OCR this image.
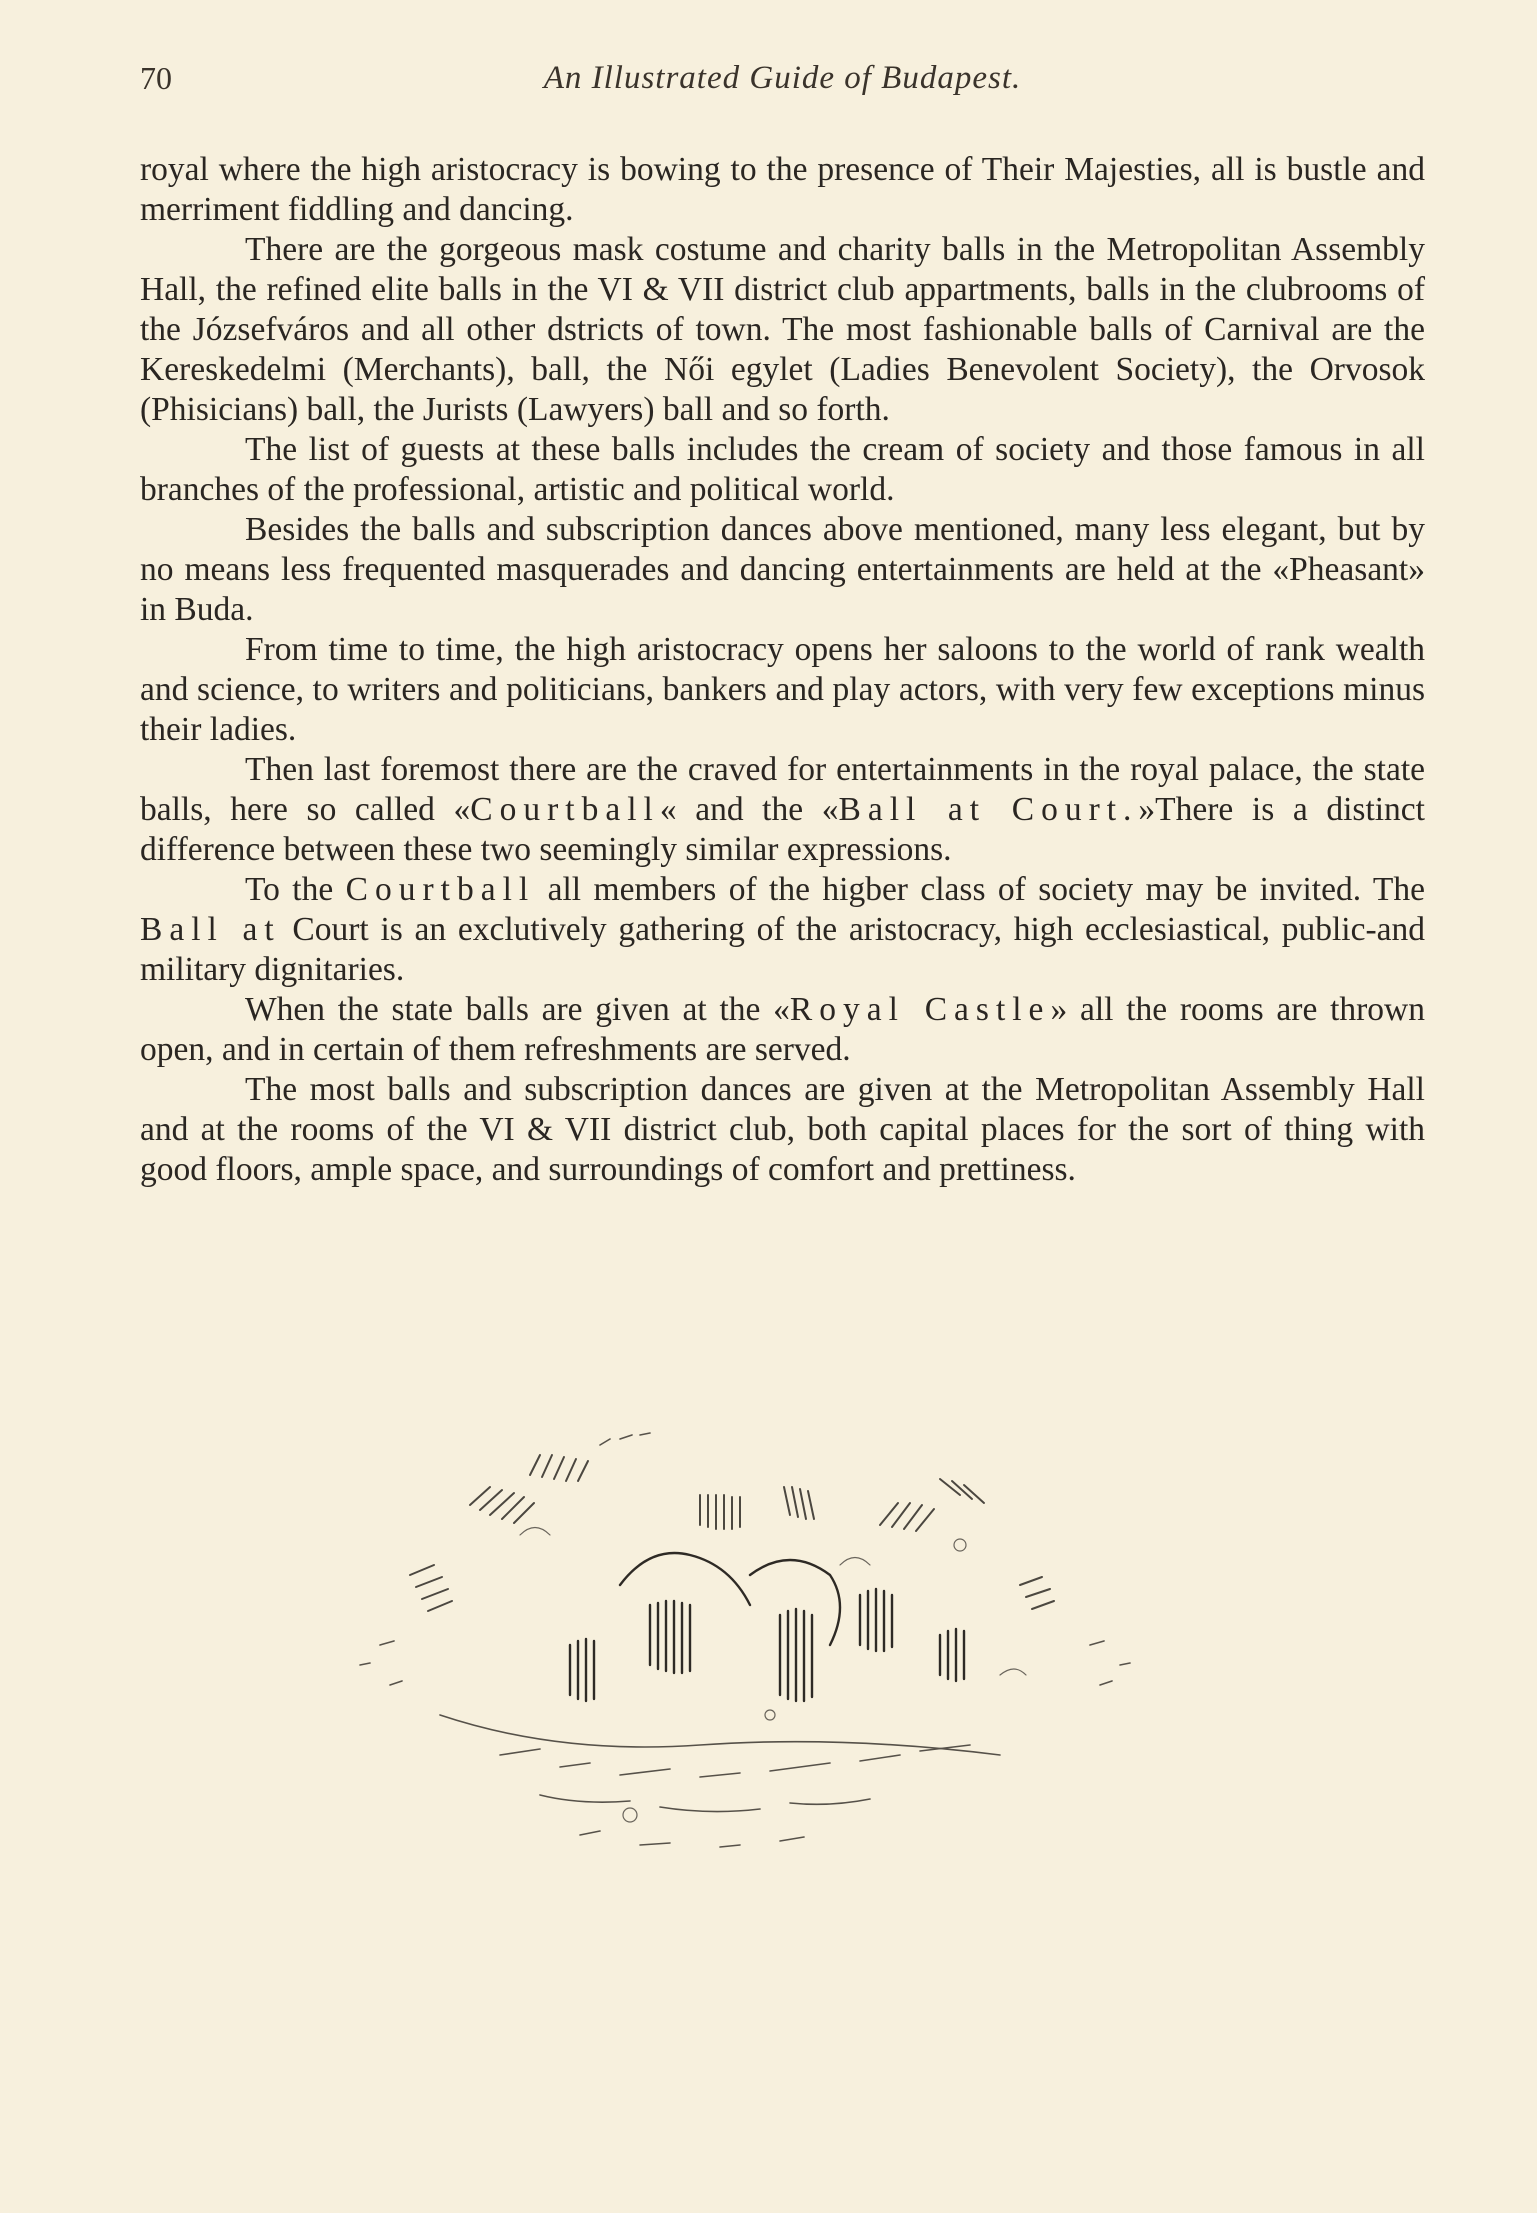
70	An Illustrated Guide of Budapest.

royal where the high aristocracy is bowing to the presence of Their Majesties, all is bustle and merriment fiddling and dancing.

There are the gorgeous mask costume and charity balls in the Metropolitan Assembly Hall, the refined elite balls in the VI & VII district club appartments, balls in the clubrooms of the Józsefváros and all other dstricts of town. The most fashionable balls of Carnival are the Kereskedelmi (Merchants), ball, the Női egylet (Ladies Benevolent Society), the Orvosok (Phisicians) ball, the Jurists (Lawyers) ball and so forth.

The list of guests at these balls includes the cream of society and those famous in all branches of the professional, artistic and political world.

Besides the balls and subscription dances above mentioned, many less elegant, but by no means less frequented masquerades and dancing entertainments are held at the «Pheasant» in Buda.

From time to time, the high aristocracy opens her saloons to the world of rank wealth and science, to writers and politicians, bankers and play actors, with very few exceptions minus their ladies.

Then last foremost there are the craved for entertainments in the royal palace, the state balls, here so called «Courtball« and the «Ball at Court.»There is a distinct difference between these two seemingly similar expressions.

To the Courtball all members of the higber class of society may be invited. The Ball at Court is an exclutively gathering of the aristocracy, high ecclesiastical, public-and military dignitaries.

When the state balls are given at the «Royal Castle» all the rooms are thrown open, and in certain of them refreshments are served.

The most balls and subscription dances are given at the Metropolitan Assembly Hall and at the rooms of the VI & VII district club, both capital places for the sort of thing with good floors, ample space, and surroundings of comfort and prettiness.
